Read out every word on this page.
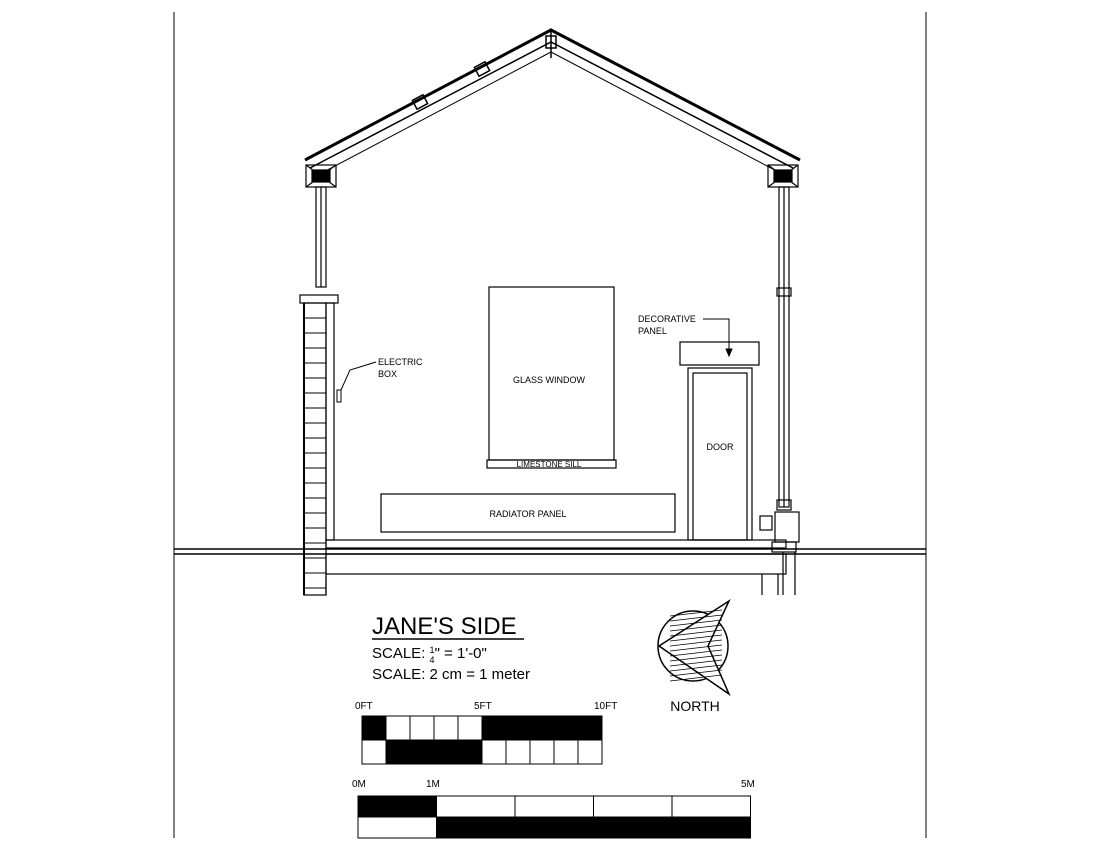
ELECTRIC
BOX
GLASS WINDOW
LIMESTONE SILL
DECORATIVE
PANEL
DOOR
RADIATOR PANEL
JANE'S SIDE
SCALE: $^1$ 4" = 1'-0"
SCALE: 2 cm = 1 meter
NORTH
0FT	5FT	10FT
0M	1M	5M
